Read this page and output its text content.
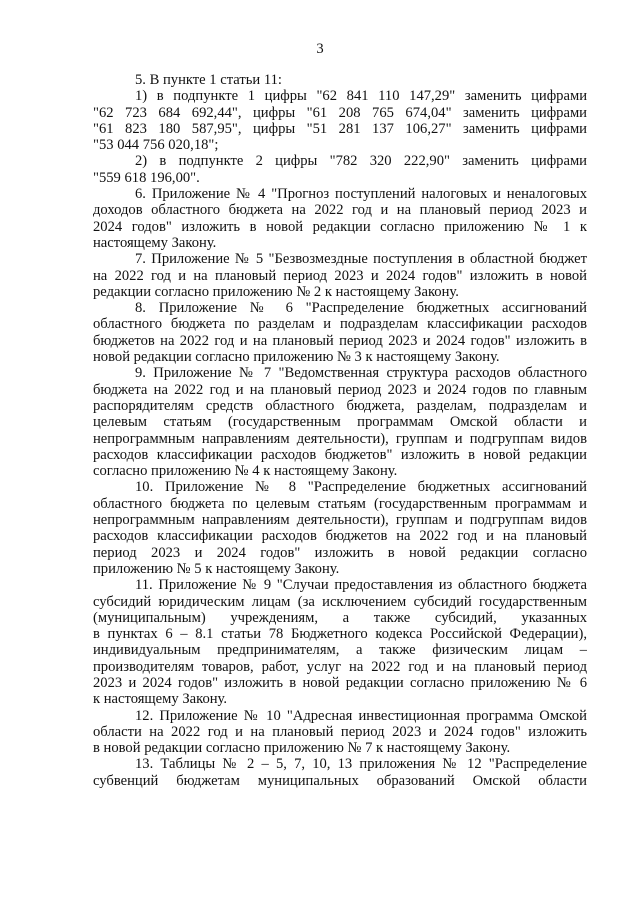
3
5. В пункте 1 статьи 11:
1) в подпункте 1 цифры "62 841 110 147,29" заменить цифрами
"62 723 684 692,44", цифры "61 208 765 674,04" заменить цифрами
"61 823 180 587,95", цифры "51 281 137 106,27" заменить цифрами
"53 044 756 020,18";
2) в подпункте 2 цифры "782 320 222,90" заменить цифрами
"559 618 196,00".
6. Приложение № 4 "Прогноз поступлений налоговых и неналоговых
доходов областного бюджета на 2022 год и на плановый период 2023 и
2024 годов" изложить в новой редакции согласно приложению № 1 к
настоящему Закону.
7. Приложение № 5 "Безвозмездные поступления в областной бюджет
на 2022 год и на плановый период 2023 и 2024 годов" изложить в новой
редакции согласно приложению № 2 к настоящему Закону.
8. Приложение № 6 "Распределение бюджетных ассигнований
областного бюджета по разделам и подразделам классификации расходов
бюджетов на 2022 год и на плановый период 2023 и 2024 годов" изложить в
новой редакции согласно приложению № 3 к настоящему Закону.
9. Приложение № 7 "Ведомственная структура расходов областного
бюджета на 2022 год и на плановый период 2023 и 2024 годов по главным
распорядителям средств областного бюджета, разделам, подразделам и
целевым статьям (государственным программам Омской области и
непрограммным направлениям деятельности), группам и подгруппам видов
расходов классификации расходов бюджетов" изложить в новой редакции
согласно приложению № 4 к настоящему Закону.
10. Приложение № 8 "Распределение бюджетных ассигнований
областного бюджета по целевым статьям (государственным программам и
непрограммным направлениям деятельности), группам и подгруппам видов
расходов классификации расходов бюджетов на 2022 год и на плановый
период 2023 и 2024 годов" изложить в новой редакции согласно
приложению № 5 к настоящему Закону.
11. Приложение № 9 "Случаи предоставления из областного бюджета
субсидий юридическим лицам (за исключением субсидий государственным
(муниципальным) учреждениям, а также субсидий, указанных
в пунктах 6 – 8.1 статьи 78 Бюджетного кодекса Российской Федерации),
индивидуальным предпринимателям, а также физическим лицам –
производителям товаров, работ, услуг на 2022 год и на плановый период
2023 и 2024 годов" изложить в новой редакции согласно приложению № 6
к настоящему Закону.
12. Приложение № 10 "Адресная инвестиционная программа Омской
области на 2022 год и на плановый период 2023 и 2024 годов" изложить
в новой редакции согласно приложению № 7 к настоящему Закону.
13. Таблицы № 2 – 5, 7, 10, 13 приложения № 12 "Распределение
субвенций бюджетам муниципальных образований Омской области
